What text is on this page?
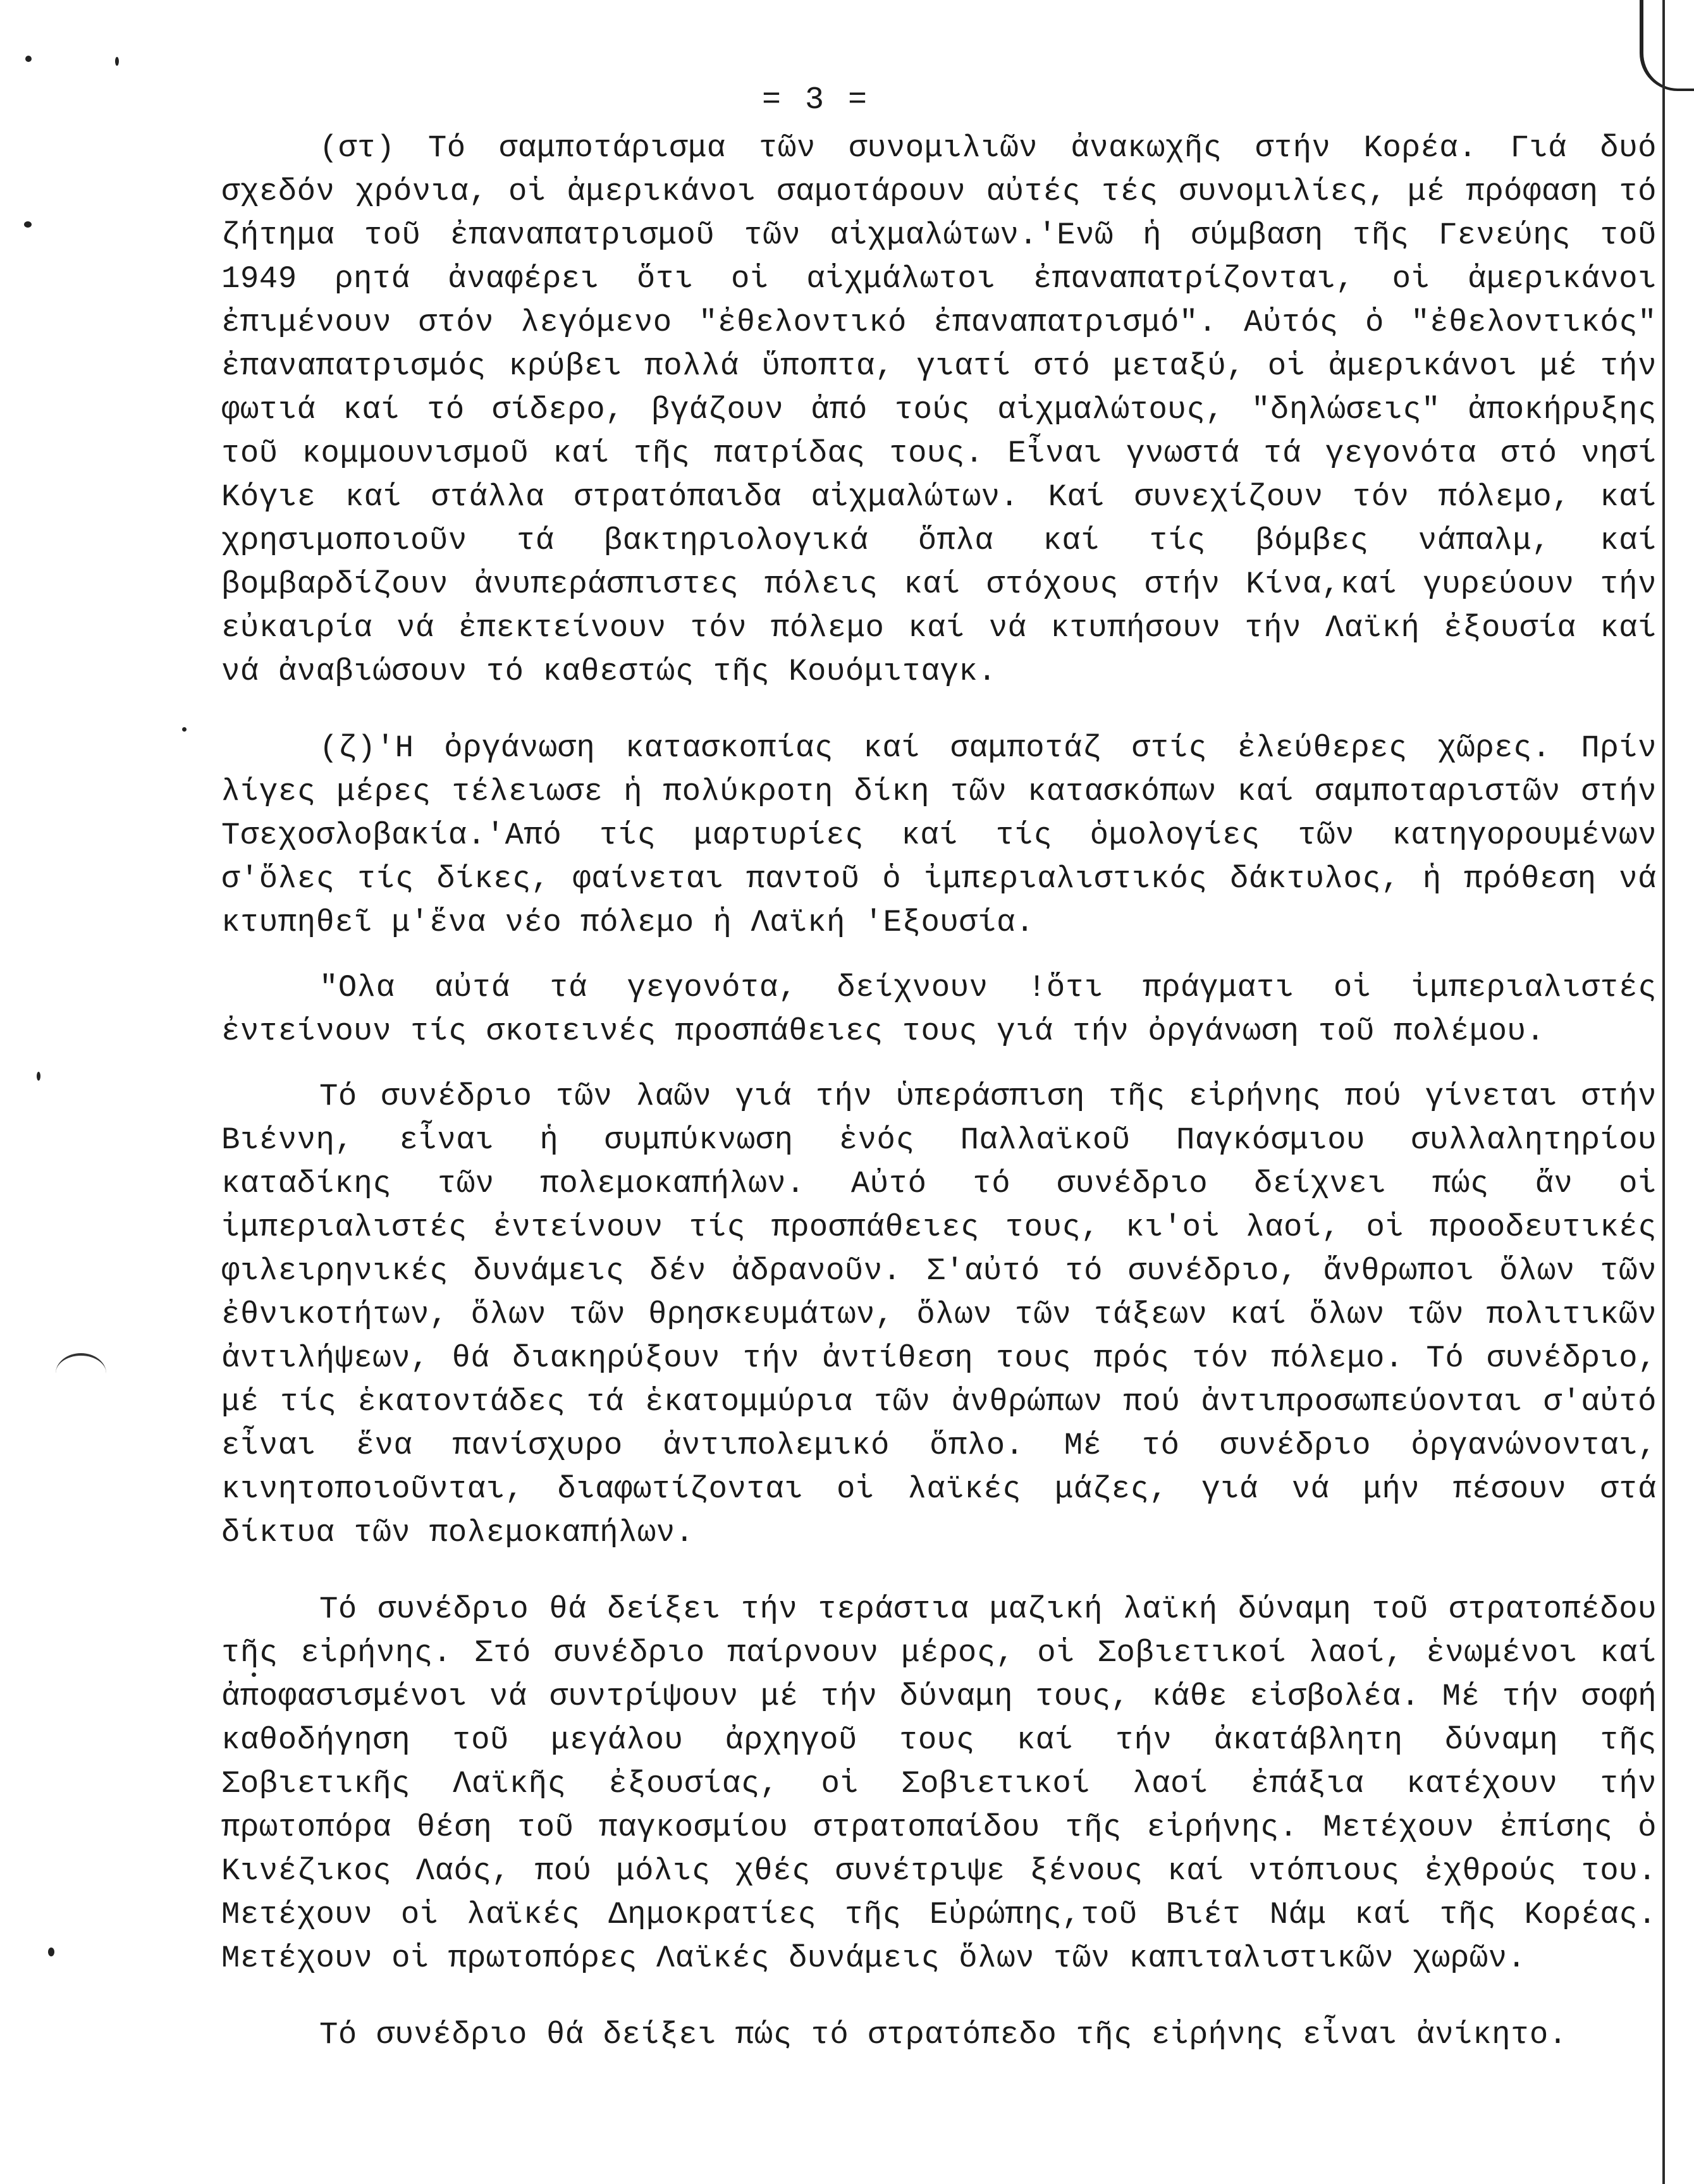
= 3 =

(στ) Τό σαμποτάρισμα τῶν συνομιλιῶν ἀνακωχῆς στήν Κορέα. Γιά δυό σχεδόν χρόνια, οἱ ἀμερικάνοι σαμοτάρουν αὐτές τές συνομιλίες, μέ πρόφαση τό ζήτημα τοῦ ἐπαναπατρισμοῦ τῶν αἰχμαλώτων.'Ενῶ ἡ σύμβαση τῆς Γενεύης τοῦ 1949 ρητά ἀναφέρει ὅτι οἱ αἰχμάλωτοι ἐπαναπατρίζονται, οἱ ἀμερικάνοι ἐπιμένουν στόν λεγόμενο "ἐθελοντικό ἐπαναπατρισμό". Αὐτός ὁ "ἐθελοντικός" ἐπαναπατρισμός κρύβει πολλά ὕποπτα, γιατί στό μεταξύ, οἱ ἀμερικάνοι μέ τήν φωτιά καί τό σίδερο, βγάζουν ἀπό τούς αἰχμαλώτους, "δηλώσεις" ἀποκήρυξης τοῦ κομμουνισμοῦ καί τῆς πατρίδας τους. Εἶναι γνωστά τά γεγονότα στό νησί Κόγιε καί στάλλα στρατόπαιδα αἰχμαλώτων. Καί συνεχίζουν τόν πόλεμο, καί χρησιμοποιοῦν τά βακτηριολογικά ὅπλα καί τίς βόμβες νάπαλμ, καί βομβαρδίζουν ἀνυπεράσπιστες πόλεις καί στόχους στήν Κίνα,καί γυρεύουν τήν εὐκαιρία νά ἐπεκτείνουν τόν πόλεμο καί νά κτυπήσουν τήν Λαϊκή ἐξουσία καί νά ἀναβιώσουν τό καθεστώς τῆς Κουόμιταγκ.

(ζ)'Η ὀργάνωση κατασκοπίας καί σαμποτάζ στίς ἐλεύθερες χῶρες. Πρίν λίγες μέρες τέλειωσε ἡ πολύκροτη δίκη τῶν κατασκόπων καί σαμποταριστῶν στήν Τσεχοσλοβακία.'Από τίς μαρτυρίες καί τίς ὁμολογίες τῶν κατηγορουμένων σ'ὅλες τίς δίκες, φαίνεται παντοῦ ὁ ἰμπεριαλιστικός δάκτυλος, ἡ πρόθεση νά κτυπηθεῖ μ'ἕνα νέο πόλεμο ἡ Λαϊκή 'Εξουσία.

"Ολα αὐτά τά γεγονότα, δείχνουν !ὅτι πράγματι οἱ ἰμπεριαλιστές ἐντείνουν τίς σκοτεινές προσπάθειες τους γιά τήν ὀργάνωση τοῦ πολέμου.

Τό συνέδριο τῶν λαῶν γιά τήν ὑπεράσπιση τῆς εἰρήνης πού γίνεται στήν Βιέννη, εἶναι ἡ συμπύκνωση ἑνός Παλλαϊκοῦ Παγκόσμιου συλλαλητηρίου καταδίκης τῶν πολεμοκαπήλων. Αὐτό τό συνέδριο δείχνει πώς ἄν οἱ ἰμπεριαλιστές ἐντείνουν τίς προσπάθειες τους, κι'οἱ λαοί, οἱ προοδευτικές φιλειρηνικές δυνάμεις δέν ἀδρανοῦν. Σ'αὐτό τό συνέδριο, ἄνθρωποι ὅλων τῶν ἐθνικοτήτων, ὅλων τῶν θρησκευμάτων, ὅλων τῶν τάξεων καί ὅλων τῶν πολιτικῶν ἀντιλήψεων, θά διακηρύξουν τήν ἀντίθεση τους πρός τόν πόλεμο. Τό συνέδριο, μέ τίς ἑκατοντάδες τά ἑκατομμύρια τῶν ἀνθρώπων πού ἀντιπροσωπεύονται σ'αὐτό εἶναι ἕνα πανίσχυρο ἀντιπολεμικό ὅπλο. Μέ τό συνέδριο ὀργανώνονται, κινητοποιοῦνται, διαφωτίζονται οἱ λαϊκές μάζες, γιά νά μήν πέσουν στά δίκτυα τῶν πολεμοκαπήλων.

Τό συνέδριο θά δείξει τήν τεράστια μαζική λαϊκή δύναμη τοῦ στρατοπέδου τῆς εἰρήνης. Στό συνέδριο παίρνουν μέρος, οἱ Σοβιετικοί λαοί, ἑνωμένοι καί ἀποφασισμένοι νά συντρίψουν μέ τήν δύναμη τους, κάθε εἰσβολέα. Μέ τήν σοφή καθοδήγηση τοῦ μεγάλου ἀρχηγοῦ τους καί τήν ἀκατάβλητη δύναμη τῆς Σοβιετικῆς Λαϊκῆς ἐξουσίας, οἱ Σοβιετικοί λαοί ἐπάξια κατέχουν τήν πρωτοπόρα θέση τοῦ παγκοσμίου στρατοπαίδου τῆς εἰρήνης. Μετέχουν ἐπίσης ὁ Κινέζικος Λαός, πού μόλις χθές συνέτριψε ξένους καί ντόπιους ἐχθρούς του. Μετέχουν οἱ λαϊκές Δημοκρατίες τῆς Εὐρώπης,τοῦ Βιέτ Νάμ καί τῆς Κορέας. Μετέχουν οἱ πρωτοπόρες Λαϊκές δυνάμεις ὅλων τῶν καπιταλιστικῶν χωρῶν.

Τό συνέδριο θά δείξει πώς τό στρατόπεδο τῆς εἰρήνης εἶναι ἀνίκητο.
